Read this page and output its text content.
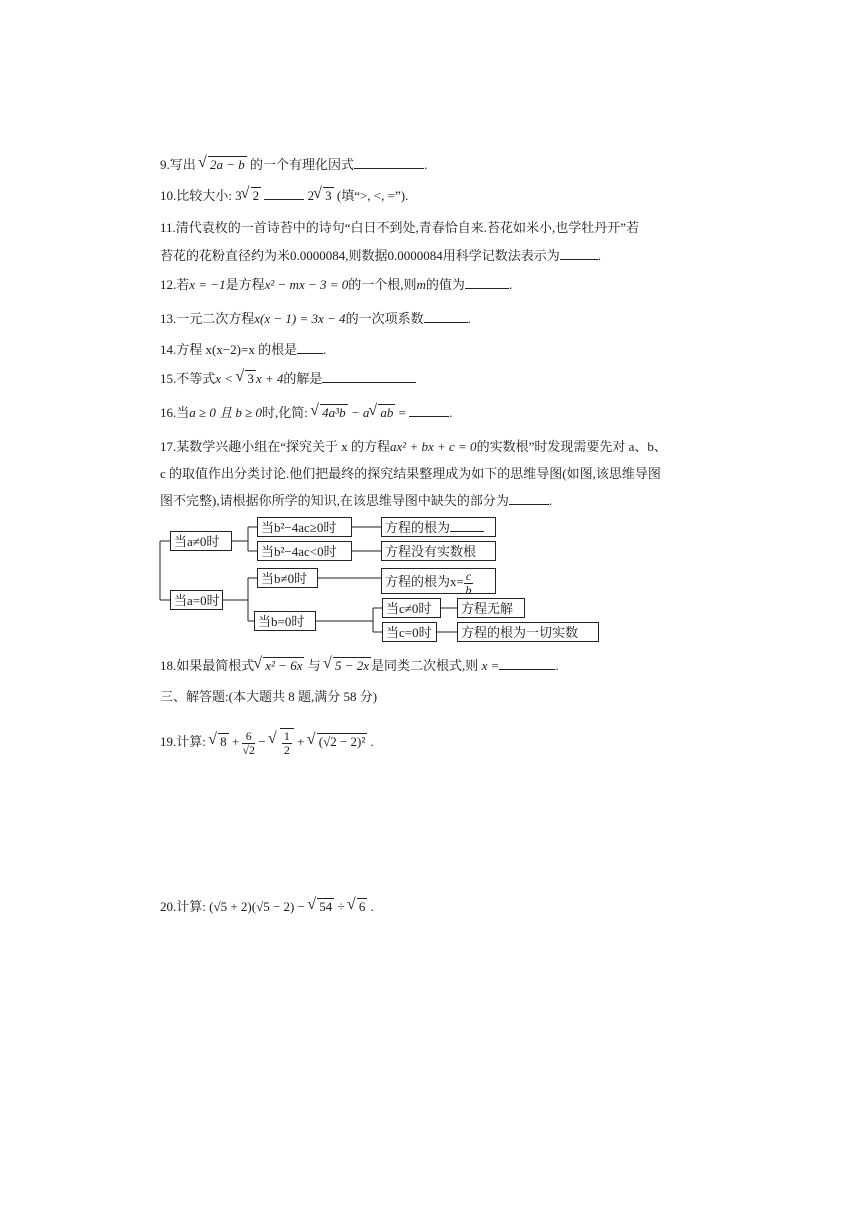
9.写出 √ 2a − b 的一个有理化因式	.
10.比较大小: 3 √ 2	2 √ 3 (填“>, <, =”).
11.清代袁枚的一首诗苔中的诗句“白日不到处,青春恰自来.苔花如米小,也学牡丹开”若
苔花的花粉直径约为米0.0000084,则数据0.0000084用科学记数法表示为	.
12.若x = −1是方程x² − mx − 3 = 0的一个根,则m的值为	.
13.一元二次方程x(x − 1) = 3x − 4的一次项系数	.
14.方程 x(x−2)=x 的根是 .
15.不等式x < √ 3 x + 4的解是
16.当a ≥ 0 且 b ≥ 0时,化简: √ 4a³b − a √ ab =	.
17.某数学兴趣小组在“探究关于 x 的方程ax² + bx + c = 0的实数根”时发现需要先对 a、b、
c 的取值作出分类讨论.他们把最终的探究结果整理成为如下的思维导图(如图,该思维导图
图不完整),请根据你所学的知识,在该思维导图中缺失的部分为	.
当a≠0时
当a=0时
当b²−4ac≥0时
当b²−4ac<0时
方程的根为
方程没有实数根
当b≠0时	方程的根为$x= \frac{c}{b}$
当b=0时
当c≠0时
当c=0时
方程无解
方程的根为一切实数
18.如果最简根式 √ x² − 6x 与 √ 5 − 2x 是同类二次根式,则 x =	.
三、解答题:(本大题共 8 题,满分 58 分)
19.计算: √ $8 + \frac{6}{√2}$ − √ $\frac{1}{2}$ + √ (√2 − 2)² .
20.计算: (√5 + 2)(√5 − 2) − √ 54 ÷ √ 6 .
